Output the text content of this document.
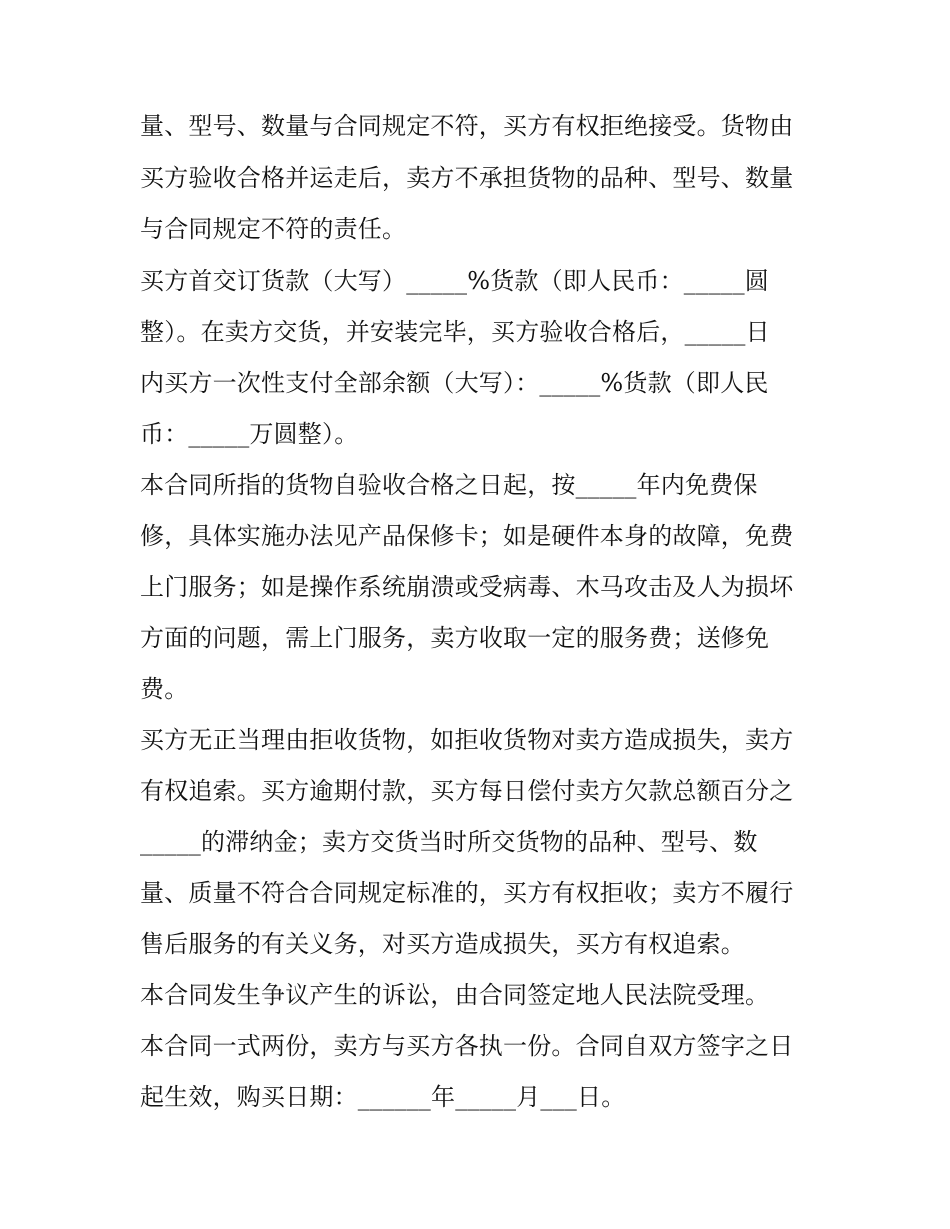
量、型号、数量与合同规定不符，买方有权拒绝接受。货物由
买方验收合格并运走后，卖方不承担货物的品种、型号、数量
与合同规定不符的责任。
买方首交订货款（大写）_____%货款（即人民币：_____圆
整）。在卖方交货，并安装完毕，买方验收合格后，_____日
内买方一次性支付全部余额（大写）：_____%货款（即人民
币：_____万圆整）。
本合同所指的货物自验收合格之日起，按_____年内免费保
修，具体实施办法见产品保修卡；如是硬件本身的故障，免费
上门服务；如是操作系统崩溃或受病毒、木马攻击及人为损坏
方面的问题，需上门服务，卖方收取一定的服务费；送修免
费。
买方无正当理由拒收货物，如拒收货物对卖方造成损失，卖方
有权追索。买方逾期付款，买方每日偿付卖方欠款总额百分之
_____的滞纳金；卖方交货当时所交货物的品种、型号、数
量、质量不符合合同规定标准的，买方有权拒收；卖方不履行
售后服务的有关义务，对买方造成损失，买方有权追索。
本合同发生争议产生的诉讼，由合同签定地人民法院受理。
本合同一式两份，卖方与买方各执一份。合同自双方签字之日
起生效，购买日期：______年_____月___日。
